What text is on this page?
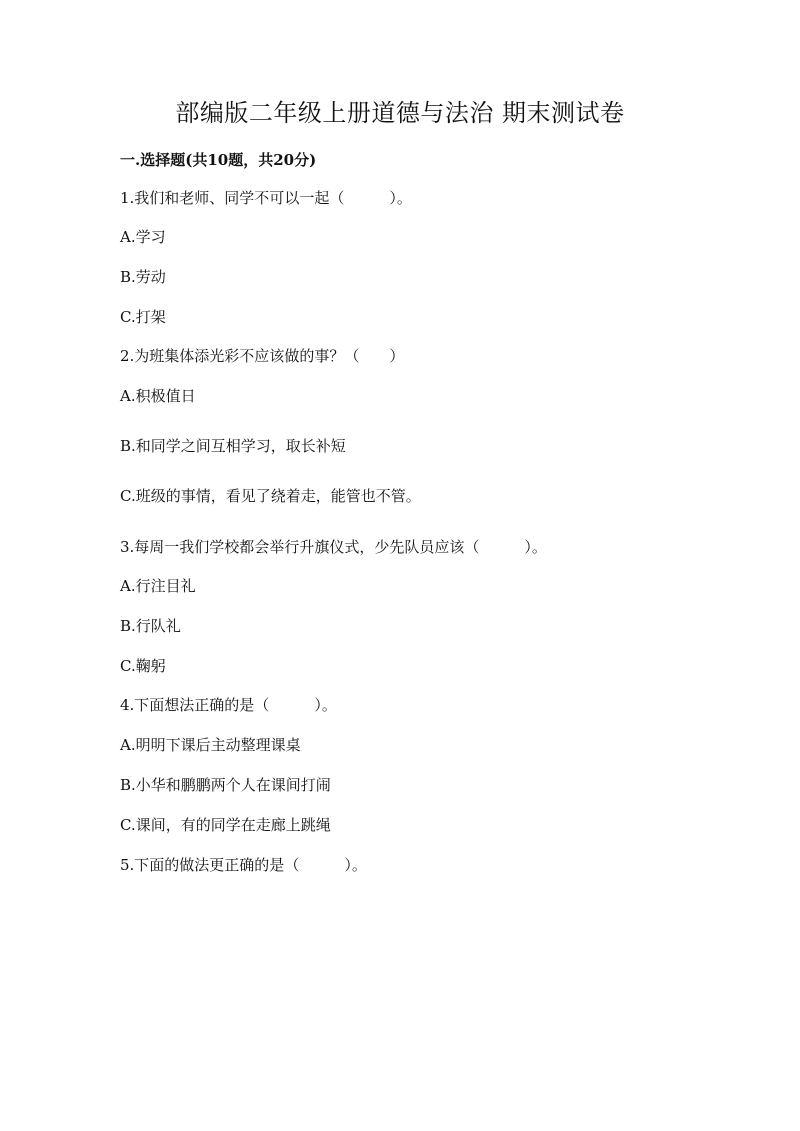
部编版二年级上册道德与法治 期末测试卷
一.选择题(共10题，共20分)
1.我们和老师、同学不可以一起（　　　）。
A.学习
B.劳动
C.打架
2.为班集体添光彩不应该做的事？（　　）
A.积极值日
B.和同学之间互相学习，取长补短
C.班级的事情，看见了绕着走，能管也不管。
3.每周一我们学校都会举行升旗仪式，少先队员应该（　　　）。
A.行注目礼
B.行队礼
C.鞠躬
4.下面想法正确的是（　　　）。
A.明明下课后主动整理课桌
B.小华和鹏鹏两个人在课间打闹
C.课间，有的同学在走廊上跳绳
5.下面的做法更正确的是（　　　）。
